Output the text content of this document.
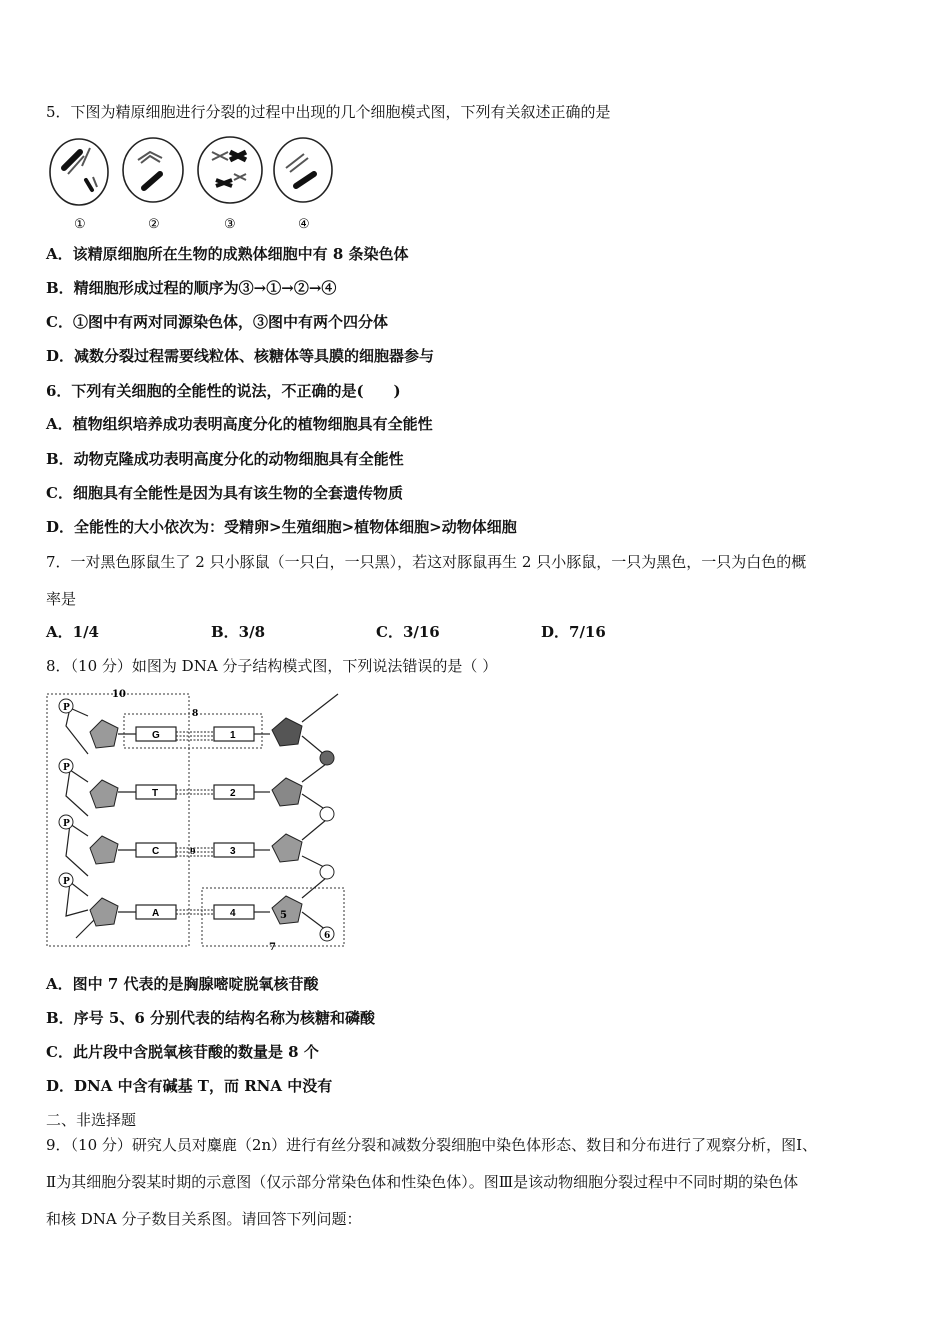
5．下图为精原细胞进行分裂的过程中出现的几个细胞模式图，下列有关叙述正确的是
①	②	③	④
A．该精原细胞所在生物的成熟体细胞中有 8 条染色体
B．精细胞形成过程的顺序为③→①→②→④
C．①图中有两对同源染色体，③图中有两个四分体
D．减数分裂过程需要线粒体、核糖体等具膜的细胞器参与
6．下列有关细胞的全能性的说法，不正确的是(　　)
A．植物组织培养成功表明高度分化的植物细胞具有全能性
B．动物克隆成功表明高度分化的动物细胞具有全能性
C．细胞具有全能性是因为具有该生物的全套遗传物质
D．全能性的大小依次为：受精卵>生殖细胞>植物体细胞>动物体细胞
7．一对黑色豚鼠生了 2 只小豚鼠（一只白，一只黑），若这对豚鼠再生 2 只小豚鼠，一只为黑色，一只为白色的概
率是
A．1/4	B．3/8	C．3/16	D．7/16
8．（10 分）如图为 DNA 分子结构模式图，下列说法错误的是（ ）
10
8
7
P
P
P
P
G
T
C
A
9
1
2
3
4	5
6
A．图中 7 代表的是胸腺嘧啶脱氧核苷酸
B．序号 5、6 分别代表的结构名称为核糖和磷酸
C．此片段中含脱氧核苷酸的数量是 8 个
D．DNA 中含有碱基 T，而 RNA 中没有
二、非选择题
9．（10 分）研究人员对麋鹿（2n）进行有丝分裂和减数分裂细胞中染色体形态、数目和分布进行了观察分析，图Ⅰ、
Ⅱ为其细胞分裂某时期的示意图（仅示部分常染色体和性染色体）。图Ⅲ是该动物细胞分裂过程中不同时期的染色体
和核 DNA 分子数目关系图。请回答下列问题：
